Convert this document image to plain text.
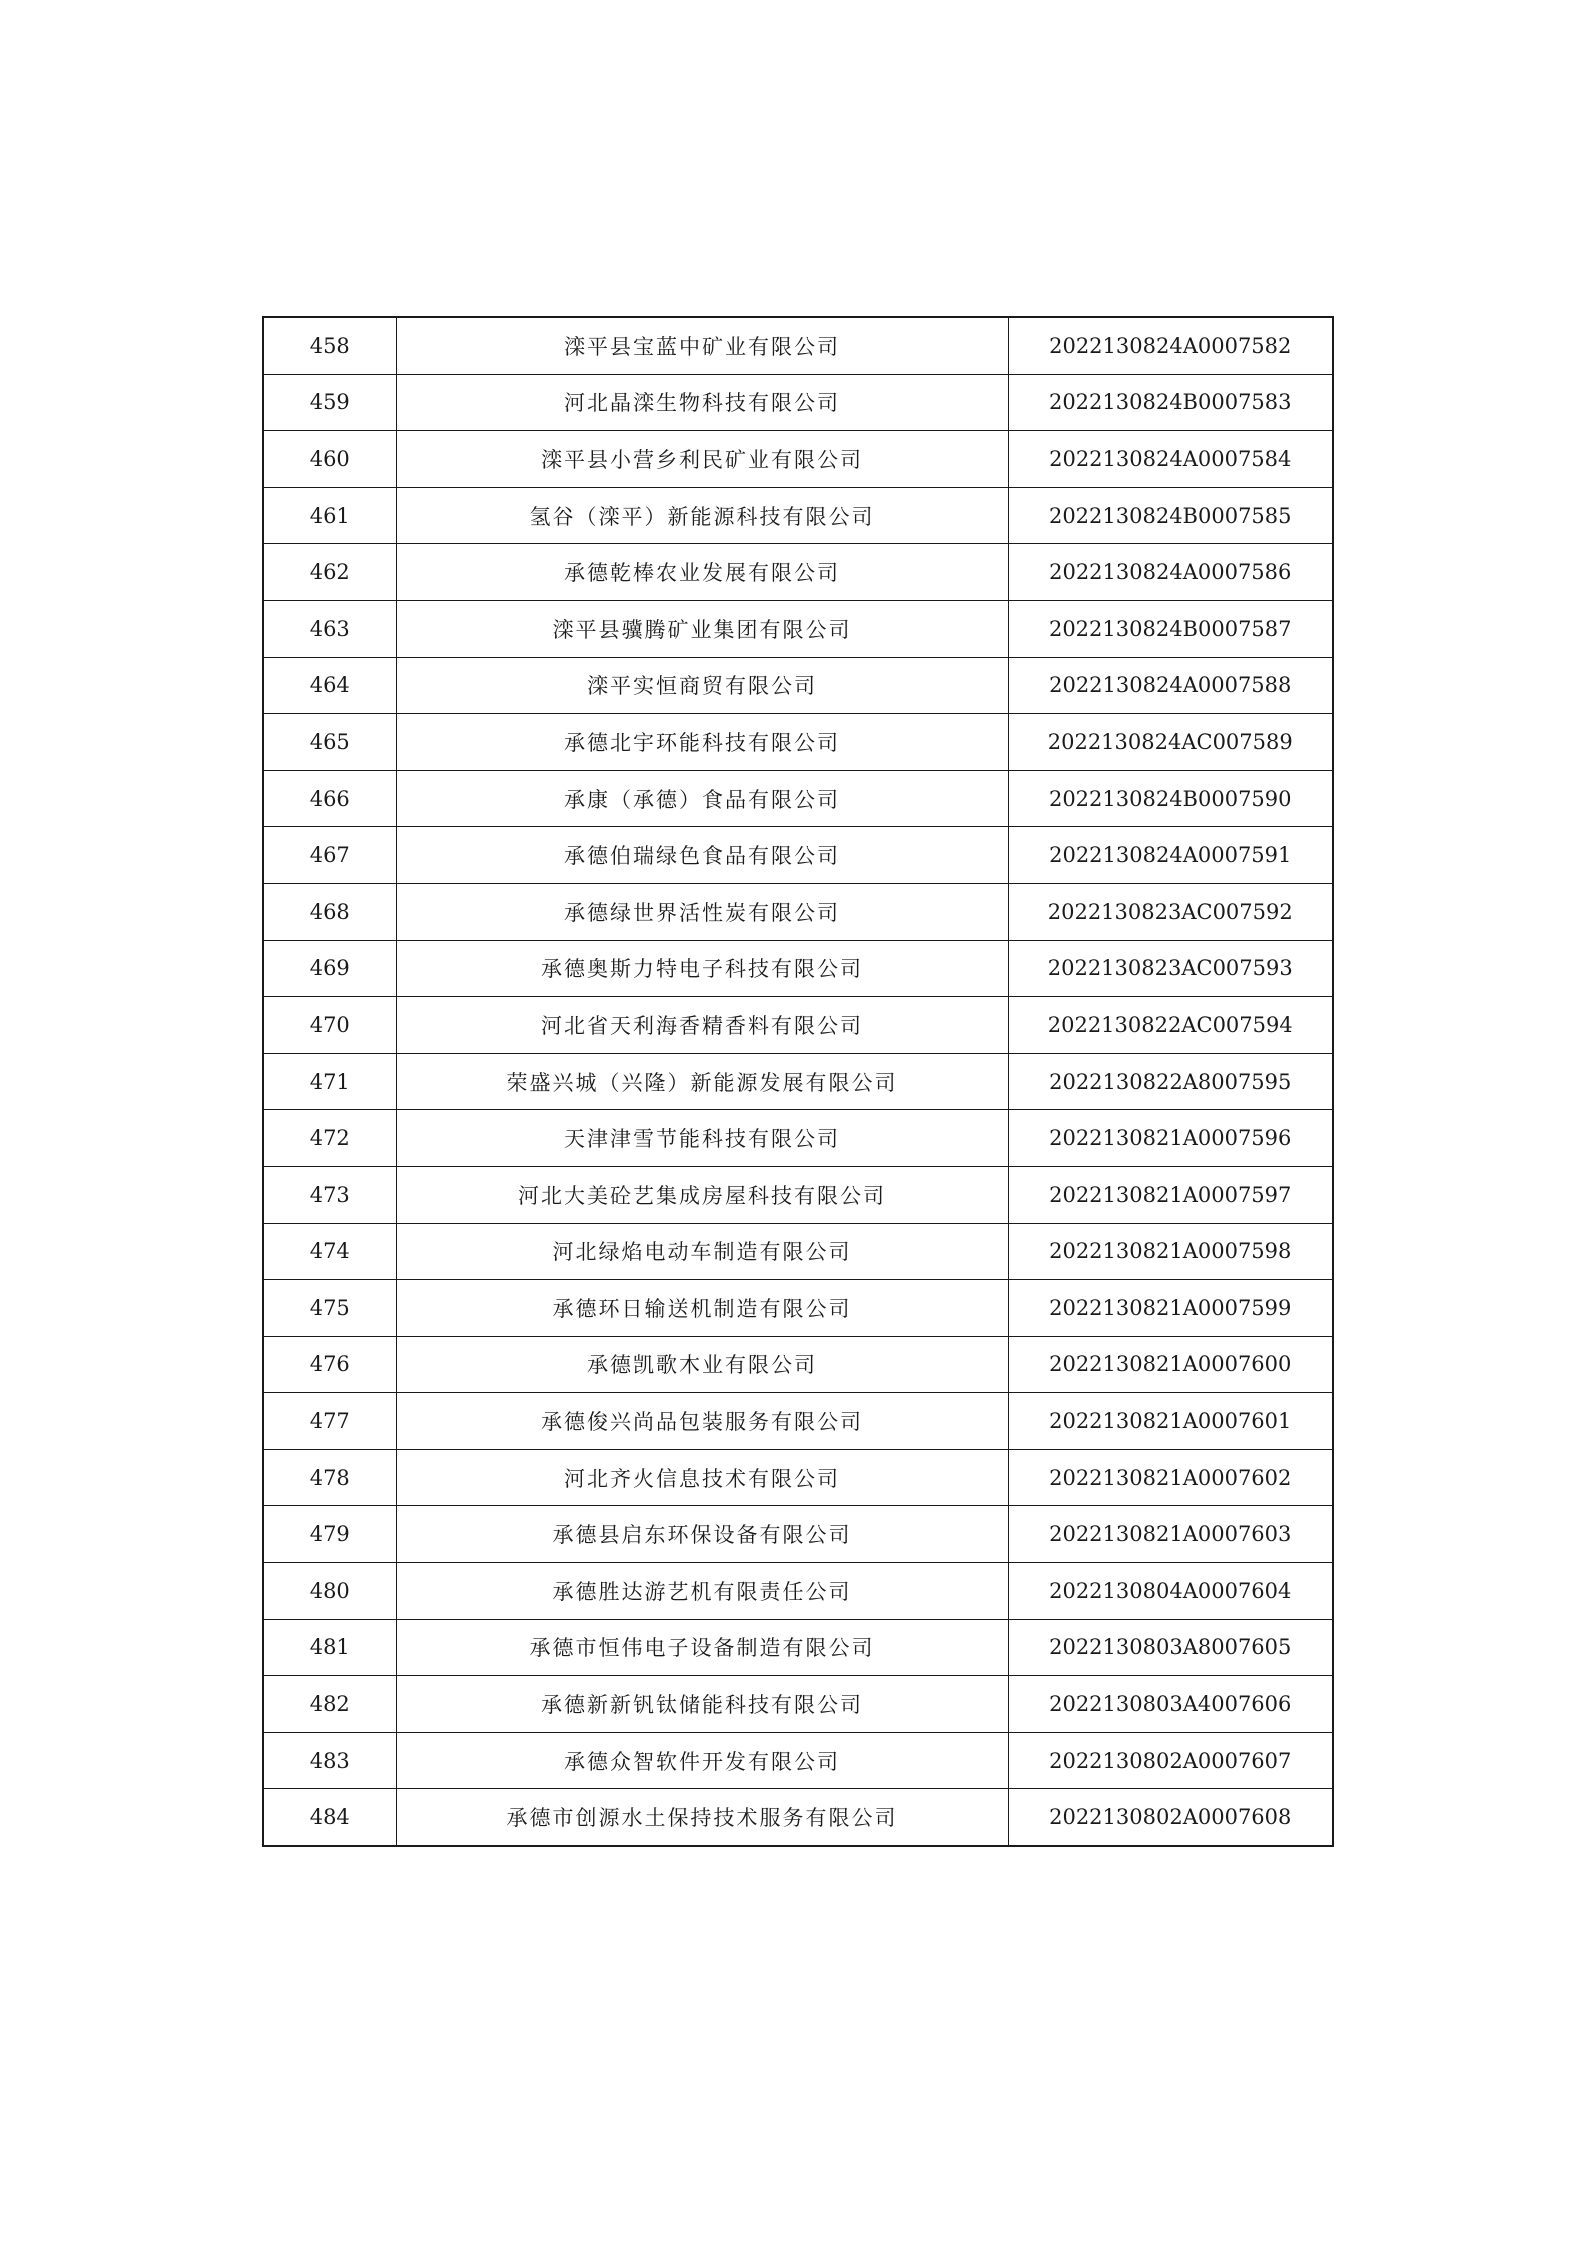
458	滦平县宝蓝中矿业有限公司	2022130824A0007582
459	河北晶滦生物科技有限公司	2022130824B0007583
460	滦平县小营乡利民矿业有限公司	2022130824A0007584
461	氢谷（滦平）新能源科技有限公司	2022130824B0007585
462	承德乾棒农业发展有限公司	2022130824A0007586
463	滦平县骥腾矿业集团有限公司	2022130824B0007587
464	滦平实恒商贸有限公司	2022130824A0007588
465	承德北宇环能科技有限公司	2022130824AC007589
466	承康（承德）食品有限公司	2022130824B0007590
467	承德伯瑞绿色食品有限公司	2022130824A0007591
468	承德绿世界活性炭有限公司	2022130823AC007592
469	承德奥斯力特电子科技有限公司	2022130823AC007593
470	河北省天利海香精香料有限公司	2022130822AC007594
471	荣盛兴城（兴隆）新能源发展有限公司	2022130822A8007595
472	天津津雪节能科技有限公司	2022130821A0007596
473	河北大美砼艺集成房屋科技有限公司	2022130821A0007597
474	河北绿焰电动车制造有限公司	2022130821A0007598
475	承德环日输送机制造有限公司	2022130821A0007599
476	承德凯歌木业有限公司	2022130821A0007600
477	承德俊兴尚品包装服务有限公司	2022130821A0007601
478	河北齐火信息技术有限公司	2022130821A0007602
479	承德县启东环保设备有限公司	2022130821A0007603
480	承德胜达游艺机有限责任公司	2022130804A0007604
481	承德市恒伟电子设备制造有限公司	2022130803A8007605
482	承德新新钒钛储能科技有限公司	2022130803A4007606
483	承德众智软件开发有限公司	2022130802A0007607
484	承德市创源水土保持技术服务有限公司	2022130802A0007608
